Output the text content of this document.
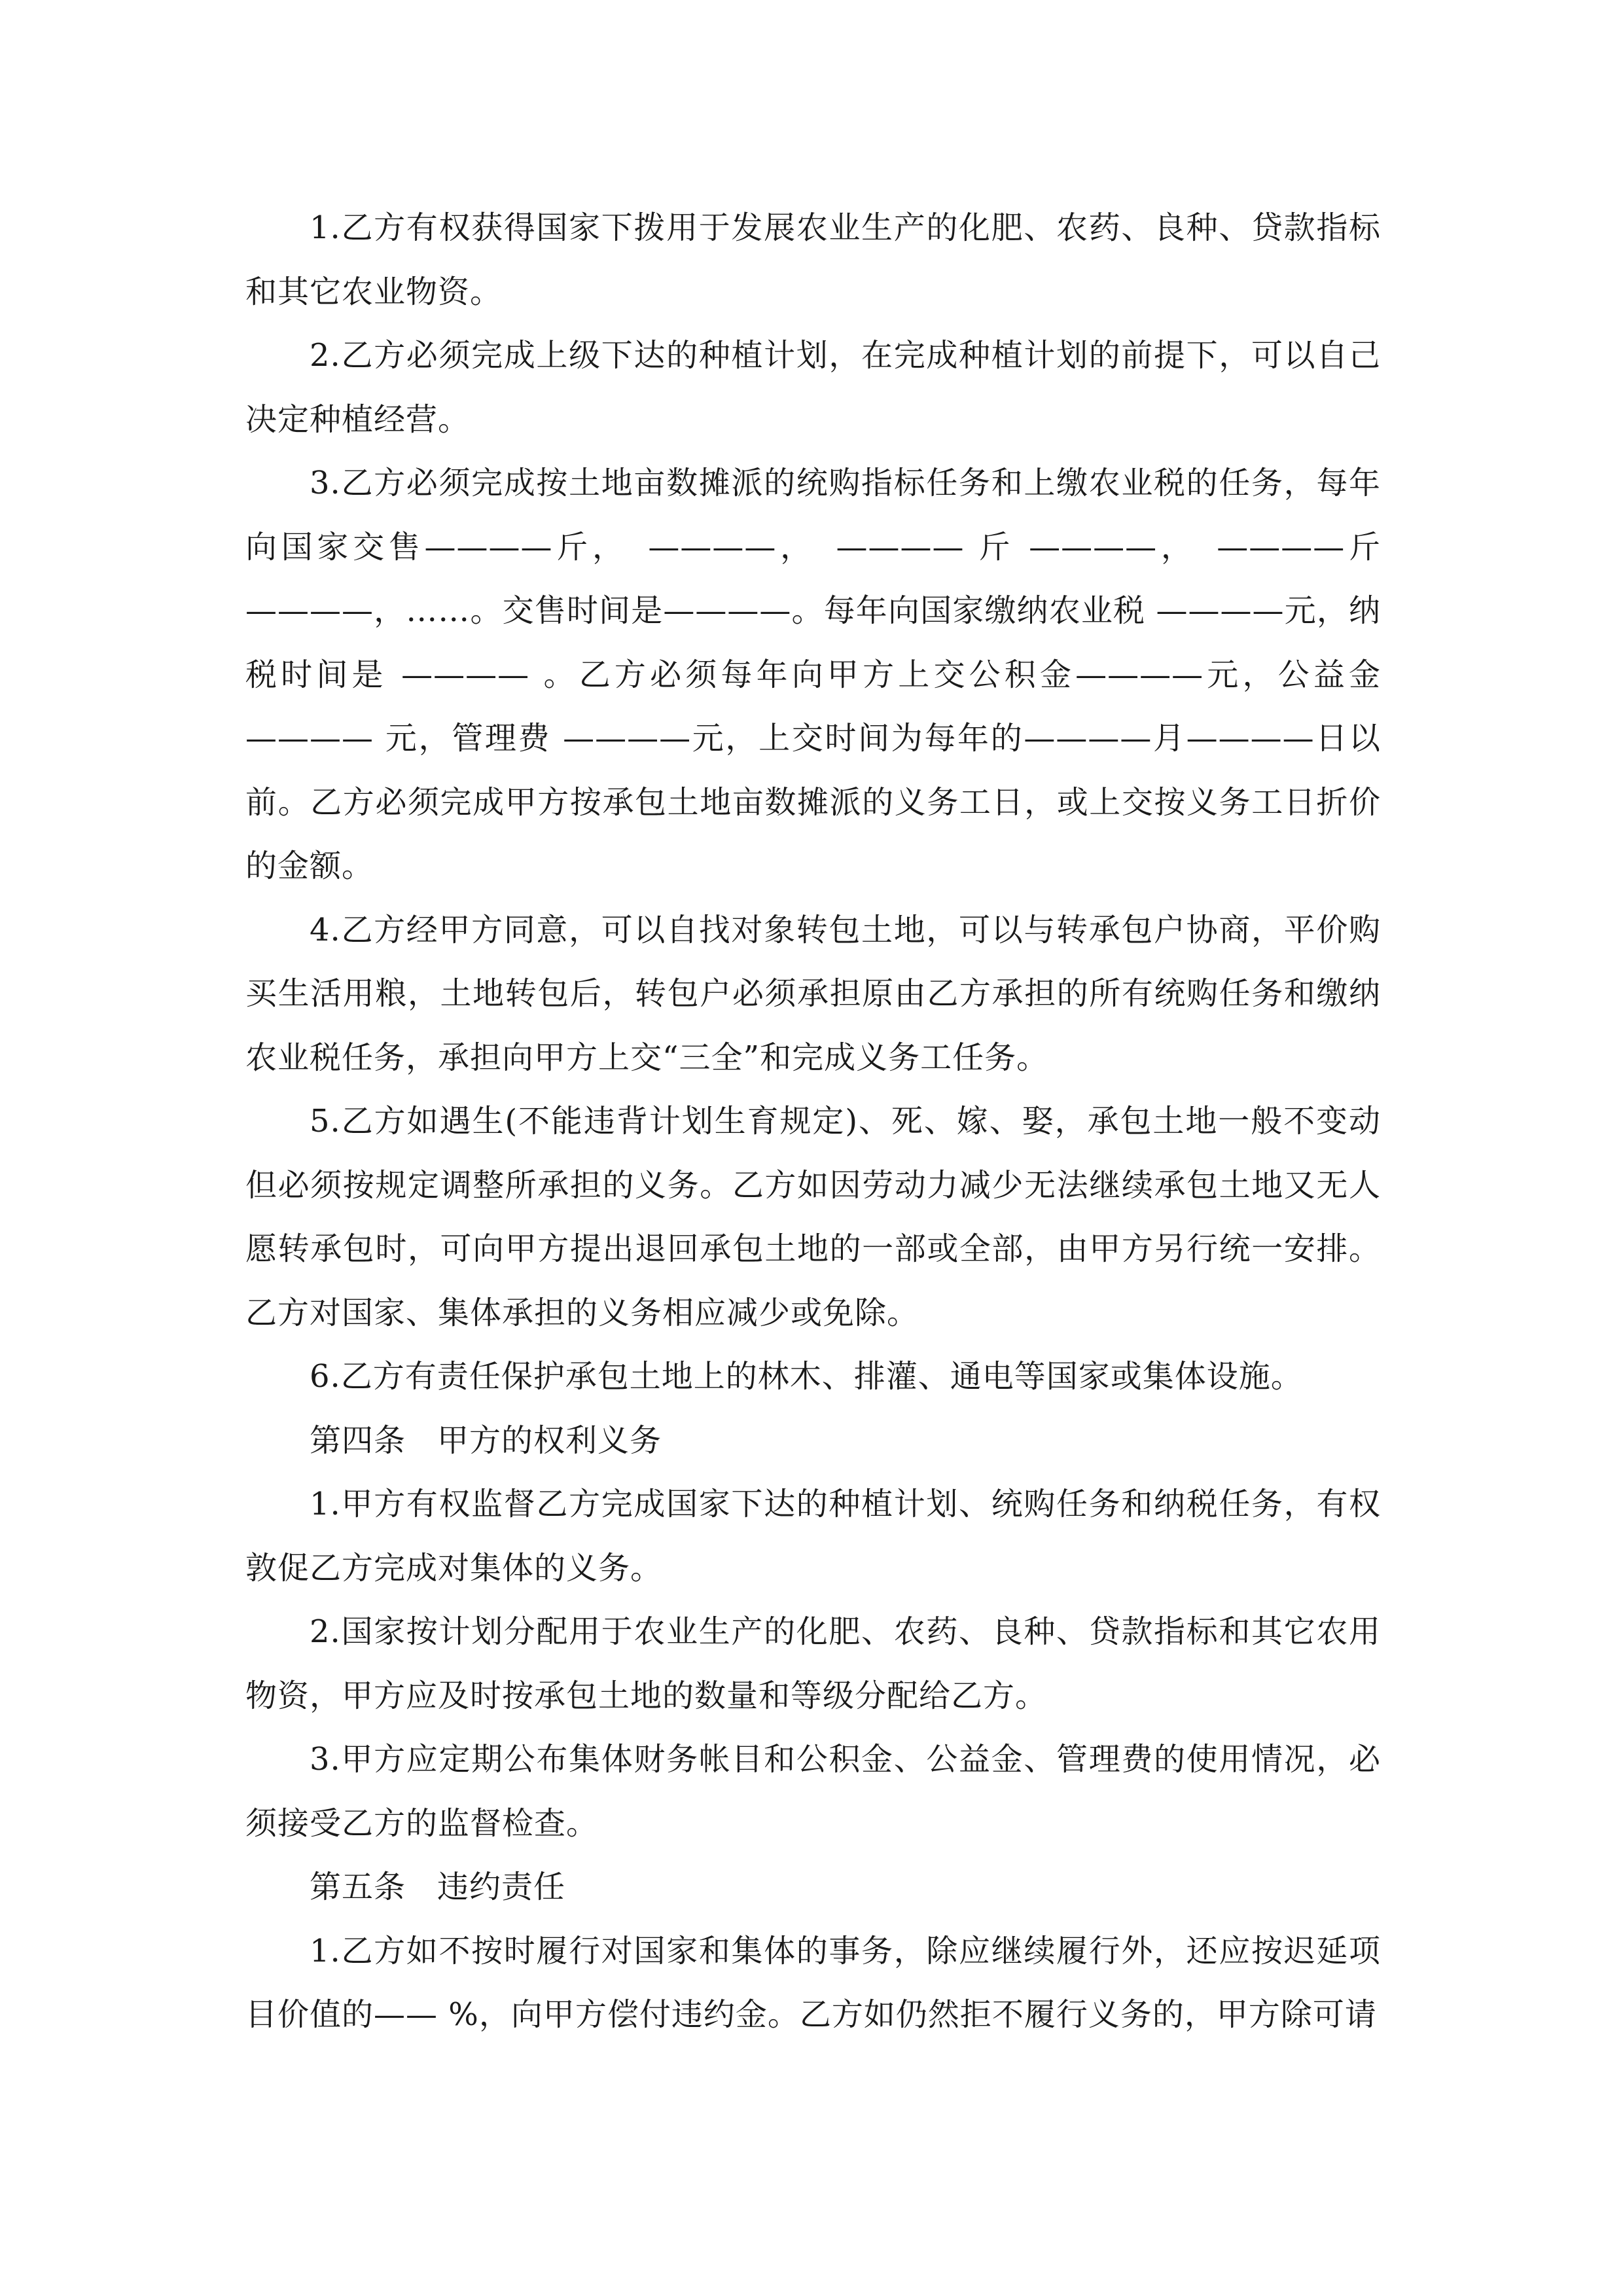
1.乙方有权获得国家下拨用于发展农业生产的化肥、农药、良种、贷款指标和其它农业物资。

2.乙方必须完成上级下达的种植计划，在完成种植计划的前提下，可以自己决定种植经营。

3.乙方必须完成按土地亩数摊派的统购指标任务和上缴农业税的任务，每年向国家交售————斤，　————，　———— 斤 ————，　————斤————，……。交售时间是————。每年向国家缴纳农业税 ————元，纳税时间是 ———— 。乙方必须每年向甲方上交公积金————元，公益金———— 元，管理费 ————元，上交时间为每年的————月————日以前。乙方必须完成甲方按承包土地亩数摊派的义务工日，或上交按义务工日折价的金额。

4.乙方经甲方同意，可以自找对象转包土地，可以与转承包户协商，平价购买生活用粮，土地转包后，转包户必须承担原由乙方承担的所有统购任务和缴纳农业税任务，承担向甲方上交“三全”和完成义务工任务。

5.乙方如遇生(不能违背计划生育规定)、死、嫁、娶，承包土地一般不变动但必须按规定调整所承担的义务。乙方如因劳动力减少无法继续承包土地又无人愿转承包时，可向甲方提出退回承包土地的一部或全部，由甲方另行统一安排。乙方对国家、集体承担的义务相应减少或免除。

6.乙方有责任保护承包土地上的林木、排灌、通电等国家或集体设施。

第四条 甲方的权利义务

1.甲方有权监督乙方完成国家下达的种植计划、统购任务和纳税任务，有权敦促乙方完成对集体的义务。

2.国家按计划分配用于农业生产的化肥、农药、良种、贷款指标和其它农用物资，甲方应及时按承包土地的数量和等级分配给乙方。

3.甲方应定期公布集体财务帐目和公积金、公益金、管理费的使用情况，必须接受乙方的监督检查。

第五条 违约责任

1.乙方如不按时履行对国家和集体的事务，除应继续履行外，还应按迟延项目价值的—— %，向甲方偿付违约金。乙方如仍然拒不履行义务的，甲方除可请
